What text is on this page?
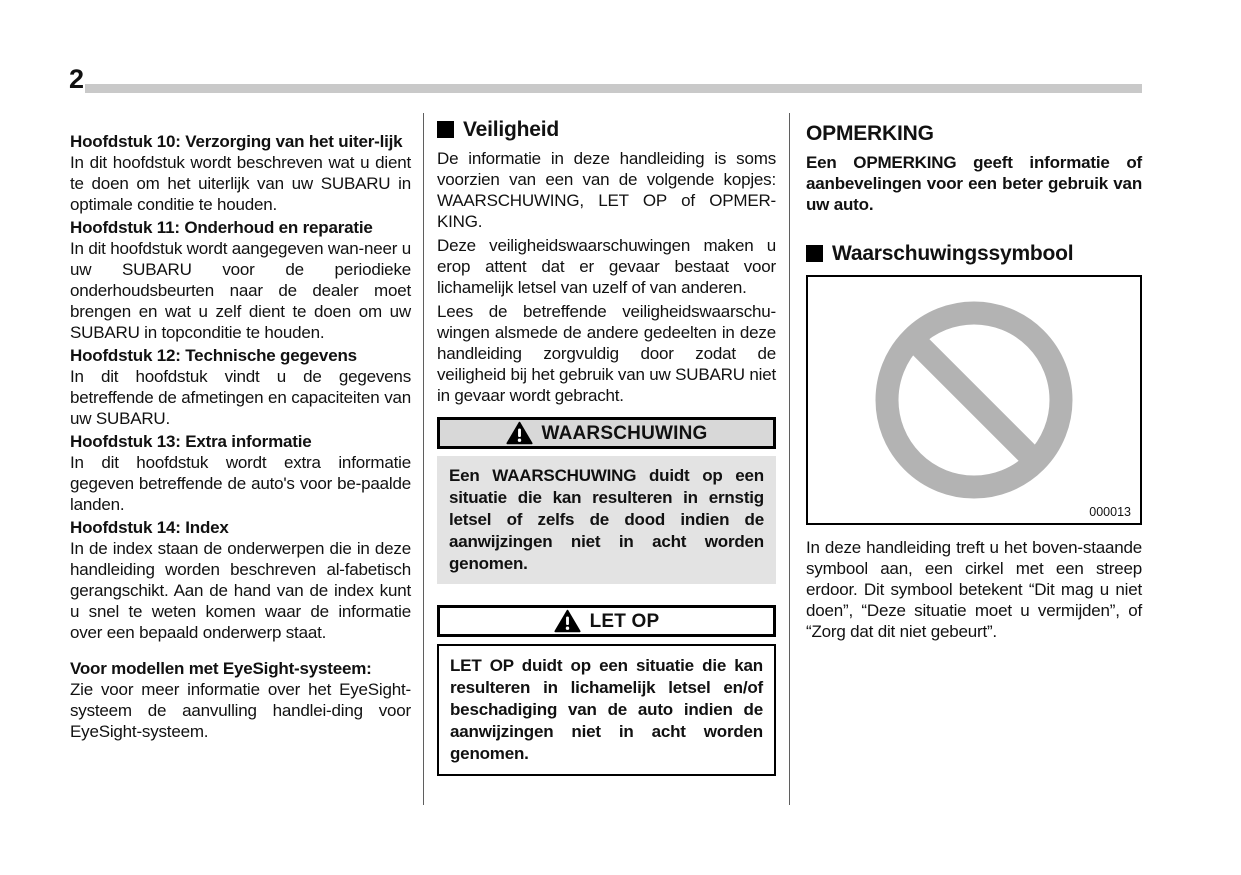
2
Hoofdstuk 10: Verzorging van het uiter-lijk

In dit hoofdstuk wordt beschreven wat u dient te doen om het uiterlijk van uw SUBARU in optimale conditie te houden.

Hoofdstuk 11: Onderhoud en reparatie

In dit hoofdstuk wordt aangegeven wan-neer u uw SUBARU voor de periodieke onderhoudsbeurten naar de dealer moet brengen en wat u zelf dient te doen om uw SUBARU in topconditie te houden.

Hoofdstuk 12: Technische gegevens

In dit hoofdstuk vindt u de gegevens betreffende de afmetingen en capaciteiten van uw SUBARU.

Hoofdstuk 13: Extra informatie

In dit hoofdstuk wordt extra informatie gegeven betreffende de auto's voor be-paalde landen.

Hoofdstuk 14: Index

In de index staan de onderwerpen die in deze handleiding worden beschreven al-fabetisch gerangschikt. Aan de hand van de index kunt u snel te weten komen waar de informatie over een bepaald onderwerp staat.

Voor modellen met EyeSight-systeem:

Zie voor meer informatie over het EyeSight-systeem de aanvulling handlei-ding voor EyeSight-systeem.

Veiligheid

De informatie in deze handleiding is soms voorzien van een van de volgende kopjes: WAARSCHUWING, LET OP of OPMER-KING.

Deze veiligheidswaarschuwingen maken u erop attent dat er gevaar bestaat voor lichamelijk letsel van uzelf of van anderen.

Lees de betreffende veiligheidswaarschu-wingen alsmede de andere gedeelten in deze handleiding zorgvuldig door zodat de veiligheid bij het gebruik van uw SUBARU niet in gevaar wordt gebracht.

WAARSCHUWING

Een WAARSCHUWING duidt op een situatie die kan resulteren in ernstig letsel of zelfs de dood indien de aanwijzingen niet in acht worden genomen.

LET OP

LET OP duidt op een situatie die kan resulteren in lichamelijk letsel en/of beschadiging van de auto indien de aanwijzingen niet in acht worden genomen.

OPMERKING

Een OPMERKING geeft informatie of aanbevelingen voor een beter gebruik van uw auto.

Waarschuwingssymbool
000013

In deze handleiding treft u het boven-staande symbool aan, een cirkel met een streep erdoor. Dit symbool betekent “Dit mag u niet doen”, “Deze situatie moet u vermijden”, of “Zorg dat dit niet gebeurt”.
